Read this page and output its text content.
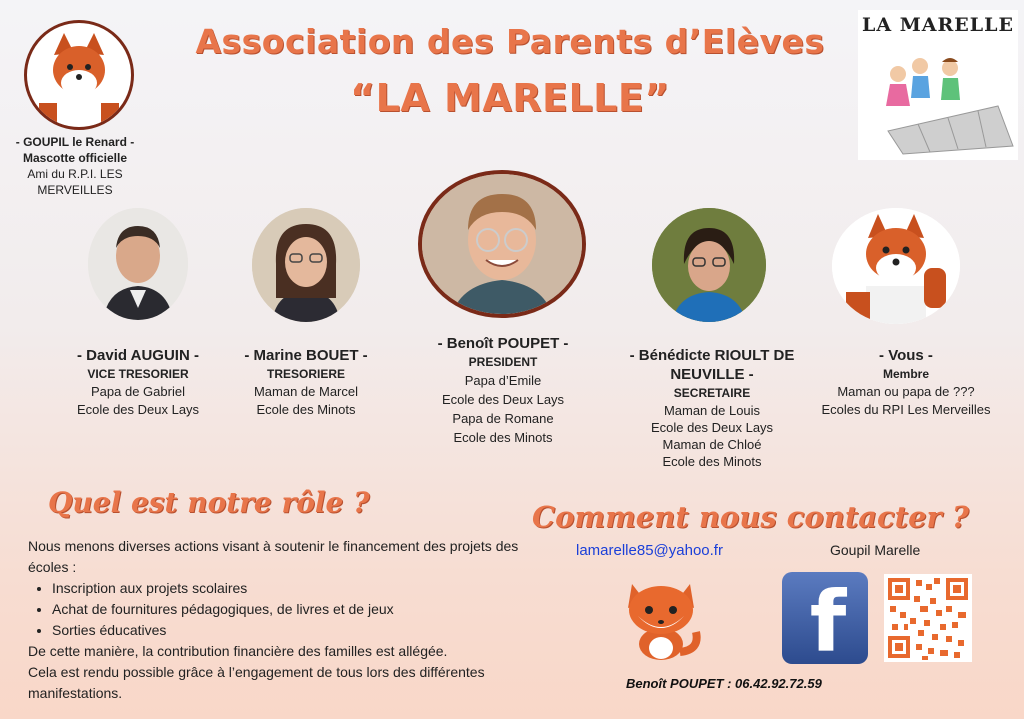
Association des Parents d’Elèves
“LA MARELLE”
LA MARELLE
- GOUPIL le Renard -
Mascotte officielle
Ami du R.P.I. LES
MERVEILLES
- David AUGUIN -
VICE TRESORIER
Papa de Gabriel
Ecole des Deux Lays
- Marine BOUET -
TRESORIERE
Maman de Marcel
Ecole des Minots
- Benoît POUPET -
PRESIDENT
Papa d’Emile
Ecole des Deux Lays
Papa de Romane
Ecole des Minots
- Bénédicte RIOULT DE
NEUVILLE -
SECRETAIRE
Maman de Louis
Ecole des Deux Lays
Maman de Chloé
Ecole des Minots
- Vous -
Membre
Maman ou papa de ???
Ecoles du RPI Les Merveilles
Quel est notre rôle ?
Nous menons diverses actions visant à soutenir le financement des projets des écoles :
• Inscription aux projets scolaires
• Achat de fournitures pédagogiques, de livres et de jeux
• Sorties éducatives
De cette manière, la contribution financière des familles est allégée.
Cela est rendu possible grâce à l’engagement de tous lors des différentes manifestations.
Comment nous contacter ?
lamarelle85@yahoo.fr	Goupil Marelle
f
Benoît POUPET : 06.42.92.72.59
